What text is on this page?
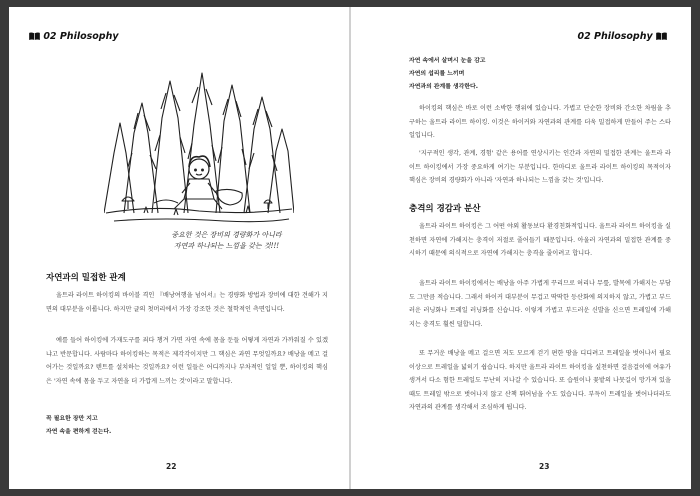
02 Philosophy
중요한 것은 장비의 경량화가 아니라
자연과 하나되는 느낌을 갖는 것!!!
자연과의 밀접한 관계
울트라 라이트 하이킹의 바이블 격인 『배낭여행을 넘어서』는 경량화 방법과 장비에 대한 견해가 지면의 대부분을 이룹니다. 하지만 글의 첫머리에서 가장 강조한 것은 철학적인 측면입니다.
예를 들어 하이킹에 가재도구를 죄다 챙겨 가면 자연 속에 몸을 둔들 어떻게 자연과 가까워질 수 있겠냐고 반문합니다. 사람마다 하이킹하는 목적은 제각각이지만 그 핵심은 과연 무엇일까요? 배낭을 메고 걸어가는 것일까요? 텐트를 설치하는 것일까요? 이런 일들은 어디까지나 부차적인 일일 뿐, 하이킹의 핵심은 '자연 속에 몸을 두고 자연을 더 가깝게 느끼는 것'이라고 말합니다.
꼭 필요한 장만 지고
자연 속을 편하게 걷는다.
22
02 Philosophy
자연 속에서 살며시 눈을 감고
자연의 섭리를 느끼며
자연과의 관계를 생각한다.
하이킹의 핵심은 바로 이런 소박한 행위에 있습니다. 가볍고 단순한 장비와 간소한 차림을 추구하는 울트라 라이트 하이킹. 이것은 하이커와 자연과의 관계를 더욱 밀접하게 만들어 주는 스타일입니다.
'지구적인 생각, 관계, 경험' 같은 용어를 연상시키는 인간과 자연의 밀접한 관계는 울트라 라이트 하이킹에서 가장 중요하게 여기는 부분입니다. 한마디로 울트라 라이트 하이킹의 목적이자 핵심은 장비의 경량화가 아니라 '자연과 하나되는 느낌을 갖는 것'입니다.
충격의 경감과 분산
울트라 라이트 하이킹은 그 어떤 야외 활동보다 환경친화적입니다. 울트라 라이트 하이킹을 실천하면 자연에 가해지는 충격이 저절로 줄어들기 때문입니다. 아울러 자연과의 밀접한 관계를 중시하기 때문에 의식적으로 자연에 가해지는 충격을 줄이려고 합니다.
울트라 라이트 하이킹에서는 배낭을 아주 가볍게 꾸리므로 허리나 무릎, 발목에 가해지는 부담도 그만큼 적습니다. 그래서 하이커 대부분이 무겁고 딱딱한 등산화에 의지하지 않고, 가볍고 부드러운 러닝화나 트레일 러닝화를 신습니다. 이렇게 가볍고 부드러운 신발을 신으면 트레일에 가해지는 충격도 훨씬 덜합니다.
또 무거운 배낭을 메고 걸으면 저도 모르게 걷기 편한 땅을 디디려고 트레일을 벗어나서 필요 이상으로 트레일을 넓히기 쉽습니다. 하지만 울트라 라이트 하이킹을 실천하면 걸음걸이에 여유가 생겨서 다소 험한 트레일도 무난히 지나갈 수 있습니다. 또 습원이나 꽃밭의 나뭇길이 망가져 있을 때도 트레일 밖으로 벗어나지 않고 산책 뛰어넘을 수도 있습니다. 부득이 트레일을 벗어나더라도 자연과의 관계를 생각해서 조심하게 됩니다.
23
